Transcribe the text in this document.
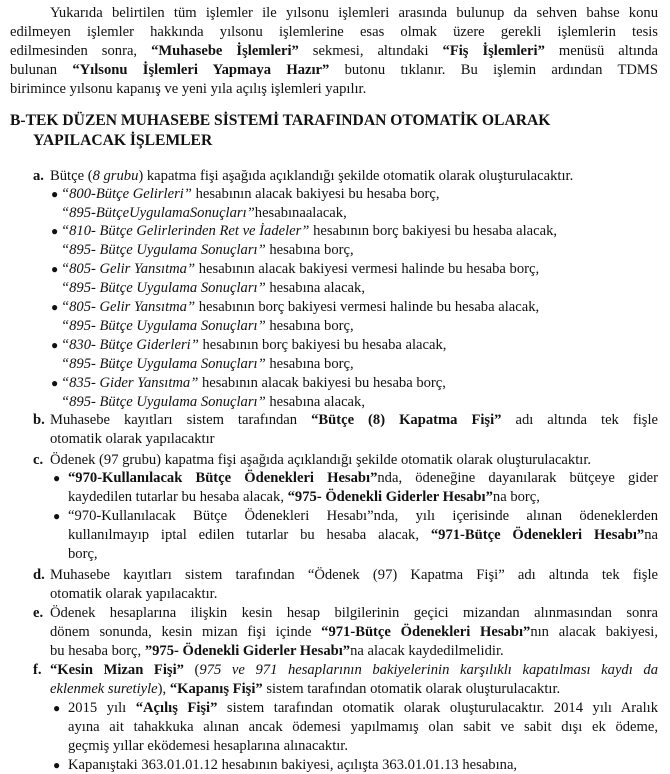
Yukarıda belirtilen tüm işlemler ile yılsonu işlemleri arasında bulunup da sehven bahse konu
edilmeyen işlemler hakkında yılsonu işlemlerine esas olmak üzere gerekli işlemlerin tesis
edilmesinden sonra, “Muhasebe İşlemleri” sekmesi, altındaki “Fiş İşlemleri” menüsü altında
bulunan “Yılsonu İşlemleri Yapmaya Hazır” butonu tıklanır. Bu işlemin ardından TDMS
birimince yılsonu kapanış ve yeni yıla açılış işlemleri yapılır.
B-TEK DÜZEN MUHASEBE SİSTEMİ TARAFINDAN OTOMATİK OLARAK
YAPILACAK İŞLEMLER
a. Bütçe (8 grubu) kapatma fişi aşağıda açıklandığı şekilde otomatik olarak oluşturulacaktır.
● “800-Bütçe Gelirleri” hesabının alacak bakiyesi bu hesaba borç,
“895-BütçeUygulamaSonuçları”hesabınaalacak,
● “810- Bütçe Gelirlerinden Ret ve İadeler” hesabının borç bakiyesi bu hesaba alacak,
“895- Bütçe Uygulama Sonuçları” hesabına borç,
● “805- Gelir Yansıtma” hesabının alacak bakiyesi vermesi halinde bu hesaba borç,
“895- Bütçe Uygulama Sonuçları” hesabına alacak,
● “805- Gelir Yansıtma” hesabının borç bakiyesi vermesi halinde bu hesaba alacak,
“895- Bütçe Uygulama Sonuçları” hesabına borç,
● “830- Bütçe Giderleri” hesabının borç bakiyesi bu hesaba alacak,
“895- Bütçe Uygulama Sonuçları” hesabına borç,
● “835- Gider Yansıtma” hesabının alacak bakiyesi bu hesaba borç,
“895- Bütçe Uygulama Sonuçları” hesabına alacak,
b. Muhasebe kayıtları sistem tarafından “Bütçe (8) Kapatma Fişi” adı altında tek fişle
otomatik olarak yapılacaktır
c. Ödenek (97 grubu) kapatma fişi aşağıda açıklandığı şekilde otomatik olarak oluşturulacaktır.
● “970-Kullanılacak Bütçe Ödenekleri Hesabı”nda, ödeneğine dayanılarak bütçeye gider
kaydedilen tutarlar bu hesaba alacak, “975- Ödenekli Giderler Hesabı”na borç,
● “970-Kullanılacak Bütçe Ödenekleri Hesabı”nda, yılı içerisinde alınan ödeneklerden
kullanılmayıp iptal edilen tutarlar bu hesaba alacak, “971-Bütçe Ödenekleri Hesabı”na
borç,
d. Muhasebe kayıtları sistem tarafından “Ödenek (97) Kapatma Fişi” adı altında tek fişle
otomatik olarak yapılacaktır.
e. Ödenek hesaplarına ilişkin kesin hesap bilgilerinin geçici mizandan alınmasından sonra
dönem sonunda, kesin mizan fişi içinde “971-Bütçe Ödenekleri Hesabı”nın alacak bakiyesi,
bu hesaba borç, ”975- Ödenekli Giderler Hesabı”na alacak kaydedilmelidir.
f. “Kesin Mizan Fişi” (975 ve 971 hesaplarının bakiyelerinin karşılıklı kapatılması kaydı da
eklenmek suretiyle), “Kapanış Fişi” sistem tarafından otomatik olarak oluşturulacaktır.
● 2015 yılı “Açılış Fişi” sistem tarafından otomatik olarak oluşturulacaktır. 2014 yılı Aralık
ayına ait tahakkuka alınan ancak ödemesi yapılmamış olan sabit ve sabit dışı ek ödeme,
geçmiş yıllar eködemesi hesaplarına alınacaktır.
● Kapanıştaki 363.01.01.12 hesabının bakiyesi, açılışta 363.01.01.13 hesabına,
